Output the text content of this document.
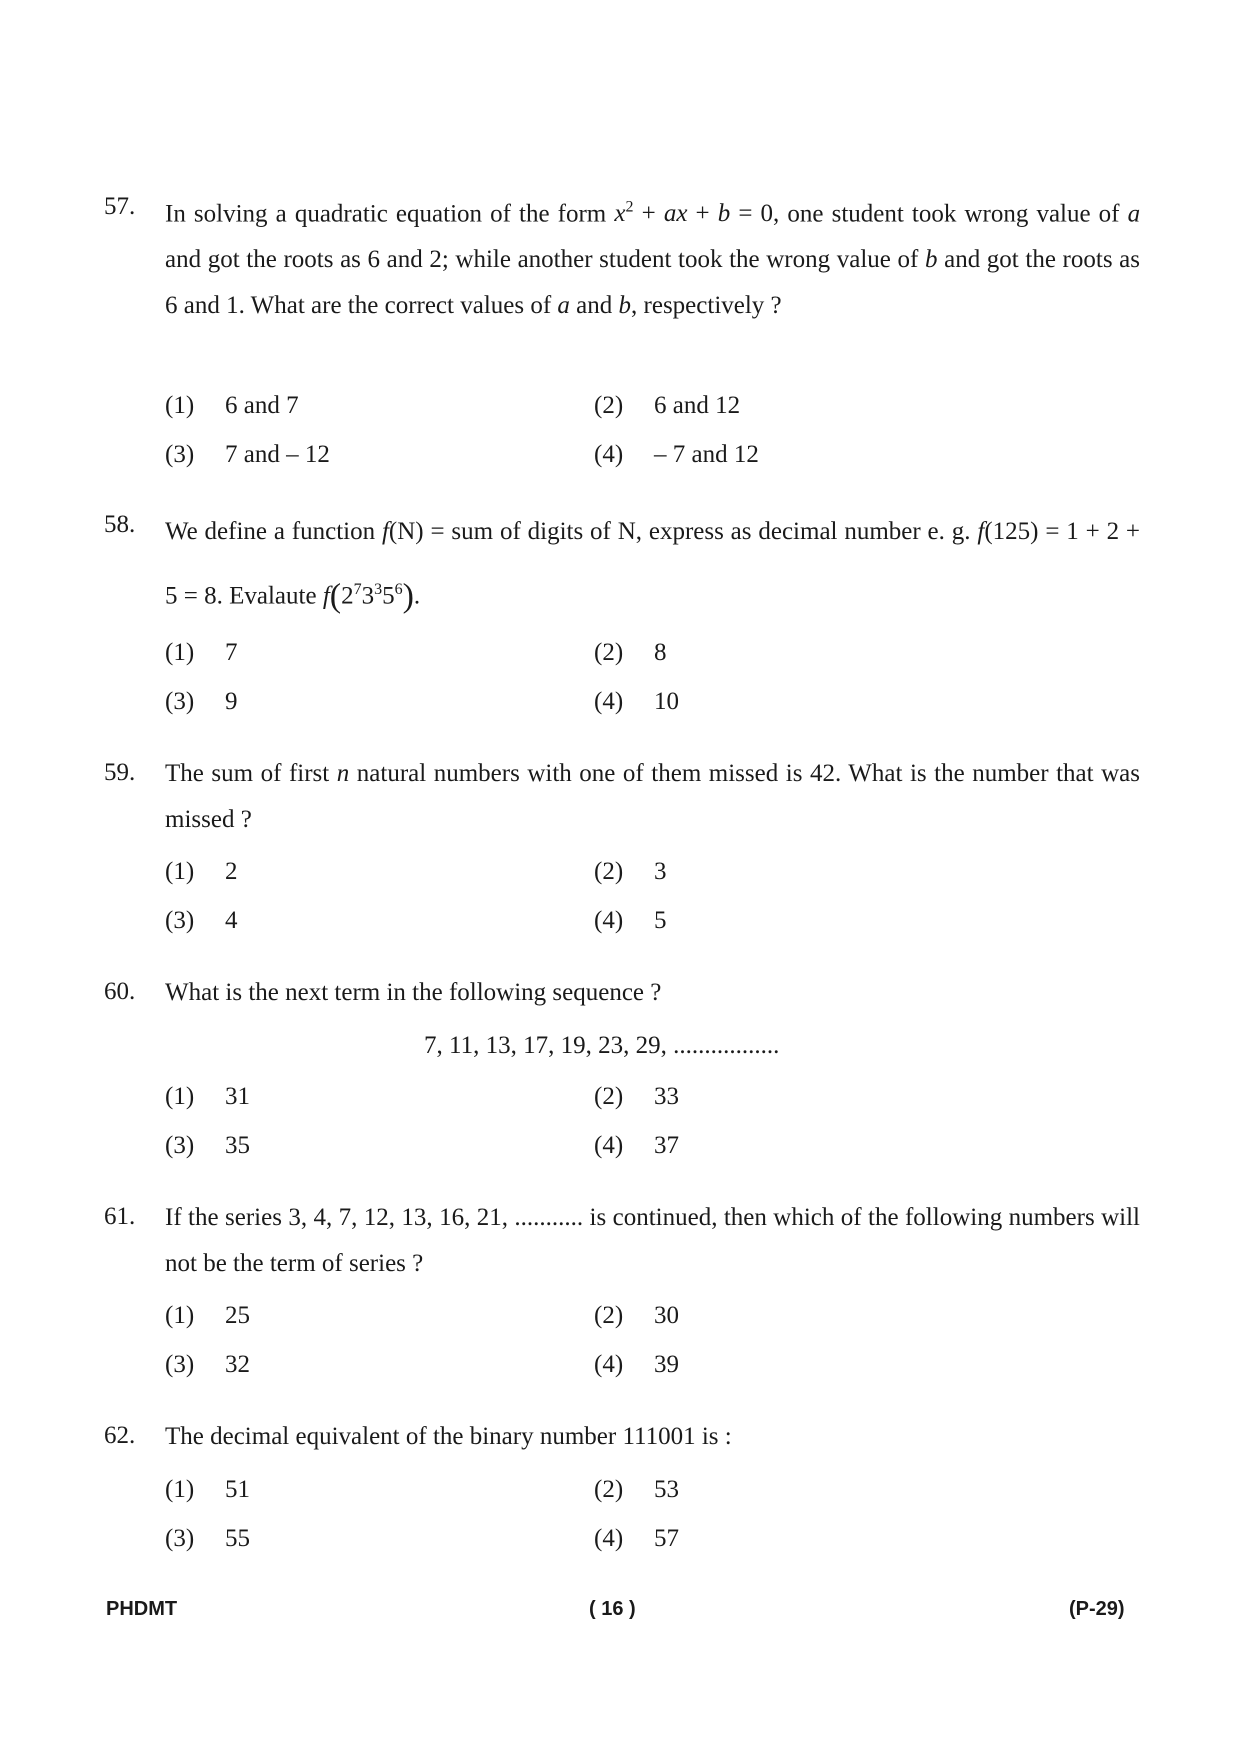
57. In solving a quadratic equation of the form $x^2$ + ax + b = 0, one student took wrong value of a and got the roots as 6 and 2; while another student took the wrong value of b and got the roots as 6 and 1. What are the correct values of a and b, respectively ?
(1) 6 and 7	(2) 6 and 12
(3) 7 and – 12	(4) – 7 and 12
58. We define a function f(N) = sum of digits of N, express as decimal number e. g. f(125) = 1 + 2 + 5 = 8. Evalaute $f(2^73^35^6)$.
(1) 7	(2) 8
(3) 9	(4) 10
59. The sum of first n natural numbers with one of them missed is 42. What is the number that was missed ?
(1) 2	(2) 3
(3) 4	(4) 5
60. What is the next term in the following sequence ?
7, 11, 13, 17, 19, 23, 29, .................
(1) 31	(2) 33
(3) 35	(4) 37
61. If the series 3, 4, 7, 12, 13, 16, 21, ........... is continued, then which of the following numbers will not be the term of series ?
(1) 25	(2) 30
(3) 32	(4) 39
62. The decimal equivalent of the binary number 111001 is :
(1) 51	(2) 53
(3) 55	(4) 57
PHDMT	( 16 )	(P-29)
